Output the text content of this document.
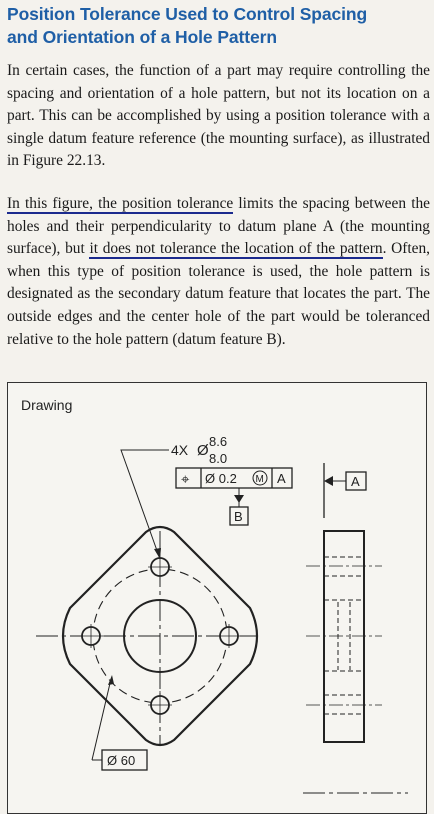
Position Tolerance Used to Control Spacing
and Orientation of a Hole Pattern
In certain cases, the function of a part may require controlling the spacing and orientation of a hole pattern, but not its location on a part. This can be accomplished by using a position tolerance with a single datum feature reference (the mounting surface), as illustrated in Figure 22.13.
In this figure, the position tolerance limits the spacing between the holes and their perpendicularity to datum plane A (the mounting surface), but it does not tolerance the location of the pattern. Often, when this type of position tolerance is used, the hole pattern is designated as the secondary datum feature that locates the part. The outside edges and the center hole of the part would be toleranced relative to the hole pattern (datum feature B).
Drawing
4X Ø
8.6
8.0
⌖ Ø 0.2 M A
B
A
Ø 60
